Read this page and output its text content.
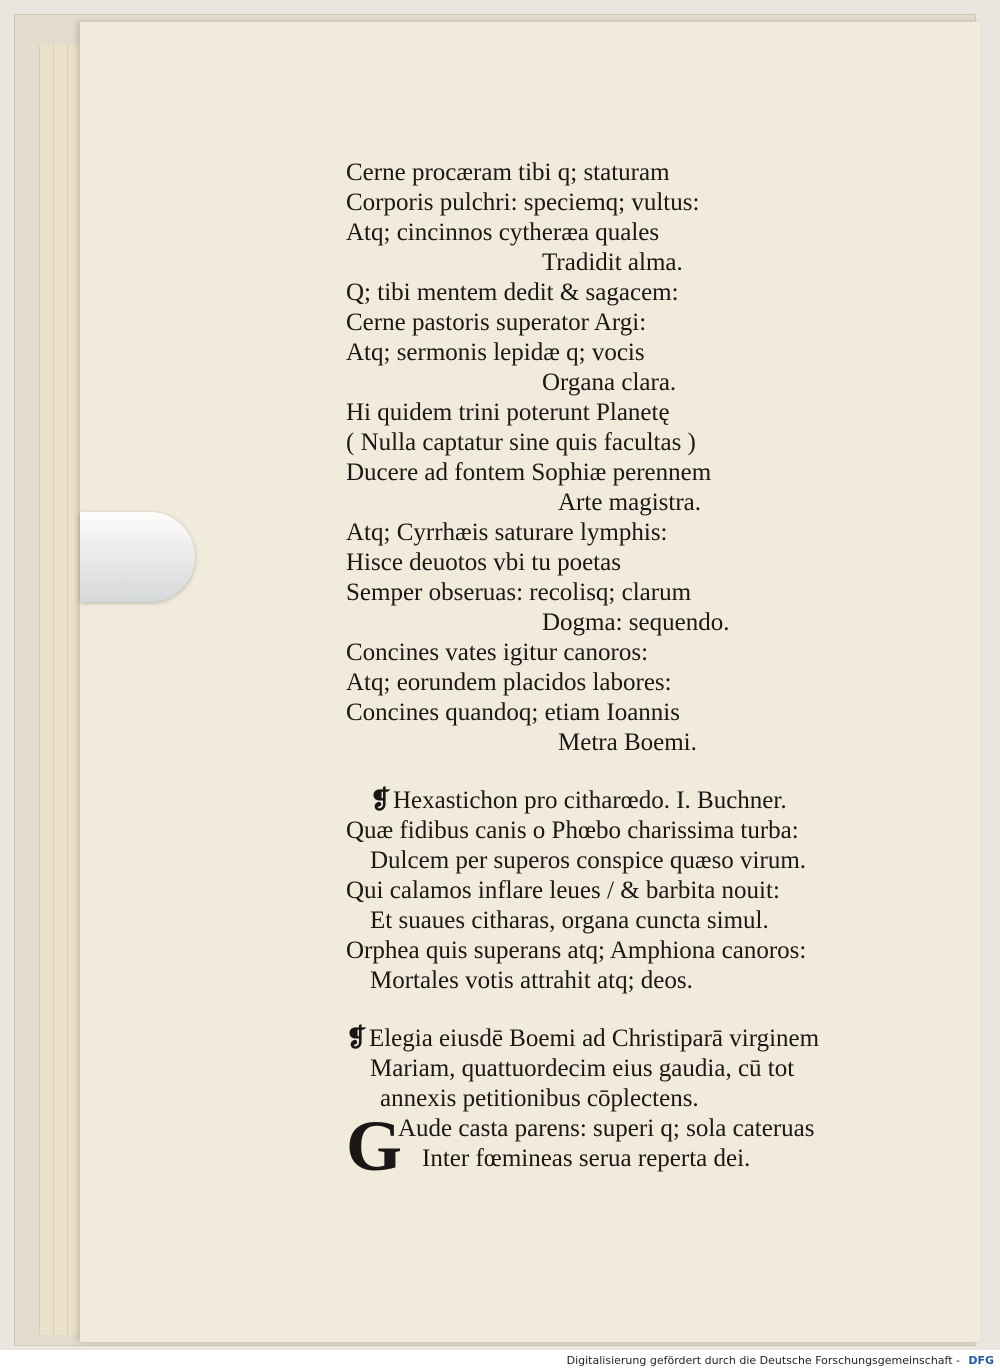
Cerne procæram tibi q; staturam
Corporis pulchri: speciemq; vultus:
Atq; cincinnos cytheræa quales
Tradidit alma.
Q; tibi mentem dedit & sagacem:
Cerne pastoris superator Argi:
Atq; sermonis lepidæ q; vocis
Organa clara.
Hi quidem trini poterunt Planetę
( Nulla captatur sine quis facultas )
Ducere ad fontem Sophiæ perennem
Arte magistra.
Atq; Cyrrhæis saturare lymphis:
Hisce deuotos vbi tu poetas
Semper obseruas: recolisq; clarum
Dogma: sequendo.
Concines vates igitur canoros:
Atq; eorundem placidos labores:
Concines quandoq; etiam Ioannis
Metra Boemi.
❡Hexastichon pro citharœdo. I. Buchner.
Quæ fidibus canis o Phœbo charissima turba:
Dulcem per superos conspice quæso virum.
Qui calamos inflare leues / & barbita nouit:
Et suaues citharas, organa cuncta simul.
Orphea quis superans atq; Amphiona canoros:
Mortales votis attrahit atq; deos.
❡Elegia eiusdē Boemi ad Christiparā virginem
Mariam, quattuordecim eius gaudia, cū tot
annexis petitionibus cōplectens.
G
Aude casta parens: superi q; sola cateruas
Inter fœmineas serua reperta dei.
Digitalisierung gefördert durch die Deutsche Forschungsgemeinschaft - DFG
